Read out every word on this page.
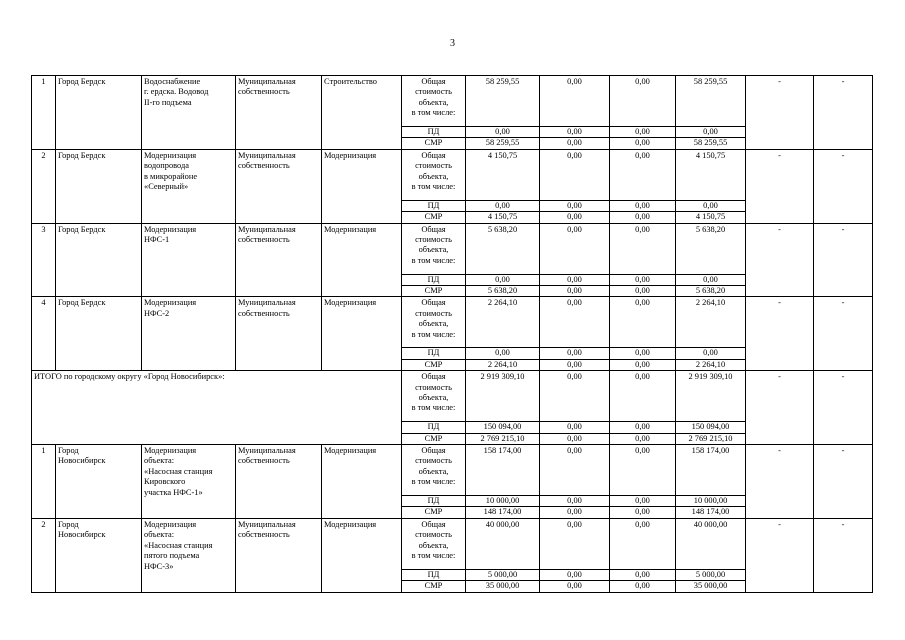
3
1	Город Бердск	Водоснабжение
г. ердска. Водовод
II-го подъема	Муниципальная
собственность	Строительство	Общая
стоимость
объекта,
в том числе:	58 259,55	0,00	0,00	58 259,55	-	-
					ПД	0,00	0,00	0,00	0,00		
					СМР	58 259,55	0,00	0,00	58 259,55		
2	Город Бердск	Модернизация
водопровода
в микрорайоне
«Северный»	Муниципальная
собственность	Модернизация	Общая
стоимость
объекта,
в том числе:	4 150,75	0,00	0,00	4 150,75	-	-
					ПД	0,00	0,00	0,00	0,00		
					СМР	4 150,75	0,00	0,00	4 150,75		
3	Город Бердск	Модернизация
НФС-1	Муниципальная
собственность	Модернизация	Общая
стоимость
объекта,
в том числе:	5 638,20	0,00	0,00	5 638,20	-	-
					ПД	0,00	0,00	0,00	0,00		
					СМР	5 638,20	0,00	0,00	5 638,20		
4	Город Бердск	Модернизация
НФС-2	Муниципальная
собственность	Модернизация	Общая
стоимость
объекта,
в том числе:	2 264,10	0,00	0,00	2 264,10	-	-
					ПД	0,00	0,00	0,00	0,00		
					СМР	2 264,10	0,00	0,00	2 264,10		
ИТОГО по городскому округу «Город Новосибирск»:					Общая
стоимость
объекта,
в том числе:	2 919 309,10	0,00	0,00	2 919 309,10	-	-
					ПД	150 094,00	0,00	0,00	150 094,00		
					СМР	2 769 215,10	0,00	0,00	2 769 215,10		
1	Город
Новосибирск	Модернизация
объекта:
«Насосная станция
Кировского
участка НФС-1»	Муниципальная
собственность	Модернизация	Общая
стоимость
объекта,
в том числе:	158 174,00	0,00	0,00	158 174,00	-	-
					ПД	10 000,00	0,00	0,00	10 000,00		
					СМР	148 174,00	0,00	0,00	148 174,00		
2	Город
Новосибирск	Модернизация
объекта:
«Насосная станция
пятого подъема
НФС-3»	Муниципальная
собственность	Модернизация	Общая
стоимость
объекта,
в том числе:	40 000,00	0,00	0,00	40 000,00	-	-
					ПД	5 000,00	0,00	0,00	5 000,00		
					СМР	35 000,00	0,00	0,00	35 000,00		
